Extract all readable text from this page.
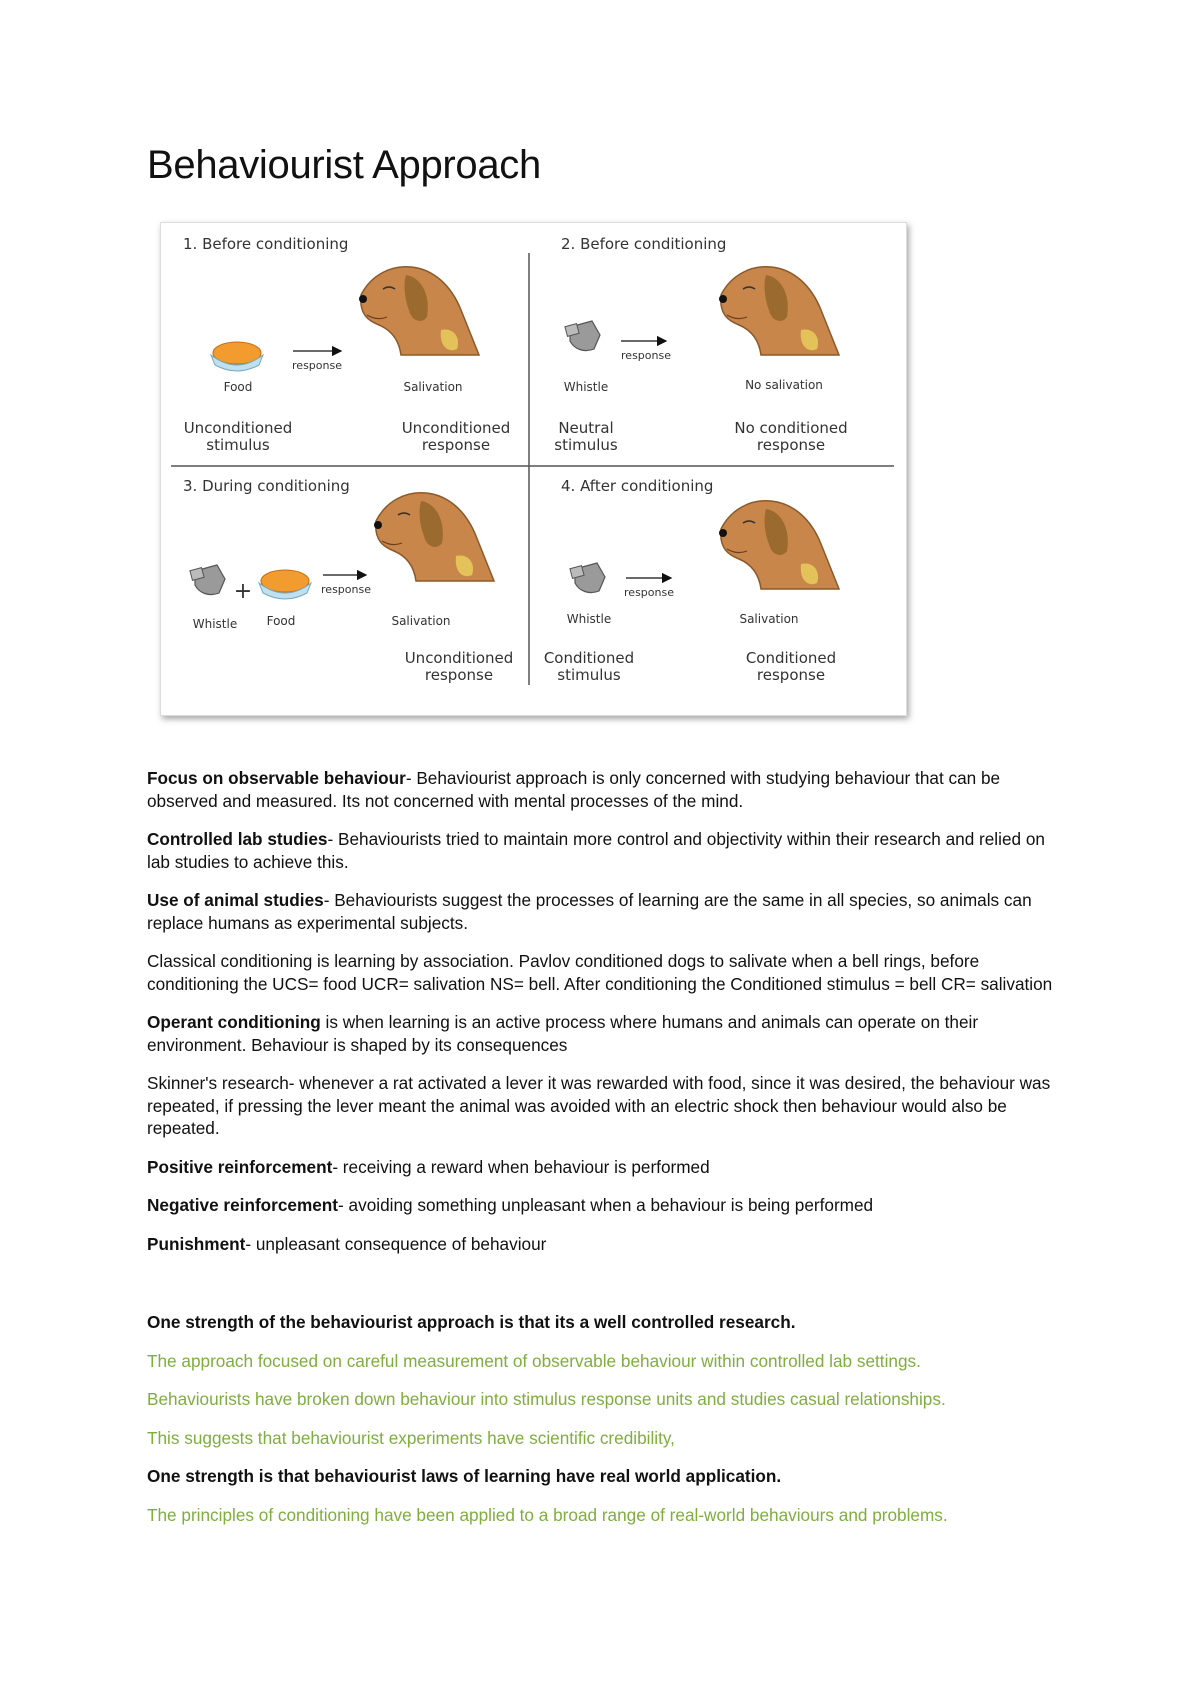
Behaviourist Approach
1. Before conditioning
response
Food	Salivation
Unconditioned
stimulus
Unconditioned
response
2. Before conditioning
response
Whistle	No salivation
Neutral
stimulus
No conditioned
response
3. During conditioning
+	response
Whistle Food	Salivation
Unconditioned
response
4. After conditioning
response
Whistle	Salivation
Conditioned
stimulus
Conditioned
response

Focus on observable behaviour- Behaviourist approach is only concerned with studying behaviour that can be observed and measured. Its not concerned with mental processes of the mind.

Controlled lab studies- Behaviourists tried to maintain more control and objectivity within their research and relied on lab studies to achieve this.

Use of animal studies- Behaviourists suggest the processes of learning are the same in all species, so animals can replace humans as experimental subjects.

Classical conditioning is learning by association. Pavlov conditioned dogs to salivate when a bell rings, before conditioning the UCS= food UCR= salivation NS= bell. After conditioning the Conditioned stimulus = bell CR= salivation

Operant conditioning is when learning is an active process where humans and animals can operate on their environment. Behaviour is shaped by its consequences

Skinner's research- whenever a rat activated a lever it was rewarded with food, since it was desired, the behaviour was repeated, if pressing the lever meant the animal was avoided with an electric shock then behaviour would also be repeated.

Positive reinforcement- receiving a reward when behaviour is performed

Negative reinforcement- avoiding something unpleasant when a behaviour is being performed

Punishment- unpleasant consequence of behaviour

One strength of the behaviourist approach is that its a well controlled research.

The approach focused on careful measurement of observable behaviour within controlled lab settings.

Behaviourists have broken down behaviour into stimulus response units and studies casual relationships.

This suggests that behaviourist experiments have scientific credibility,

One strength is that behaviourist laws of learning have real world application.

The principles of conditioning have been applied to a broad range of real-world behaviours and problems.
